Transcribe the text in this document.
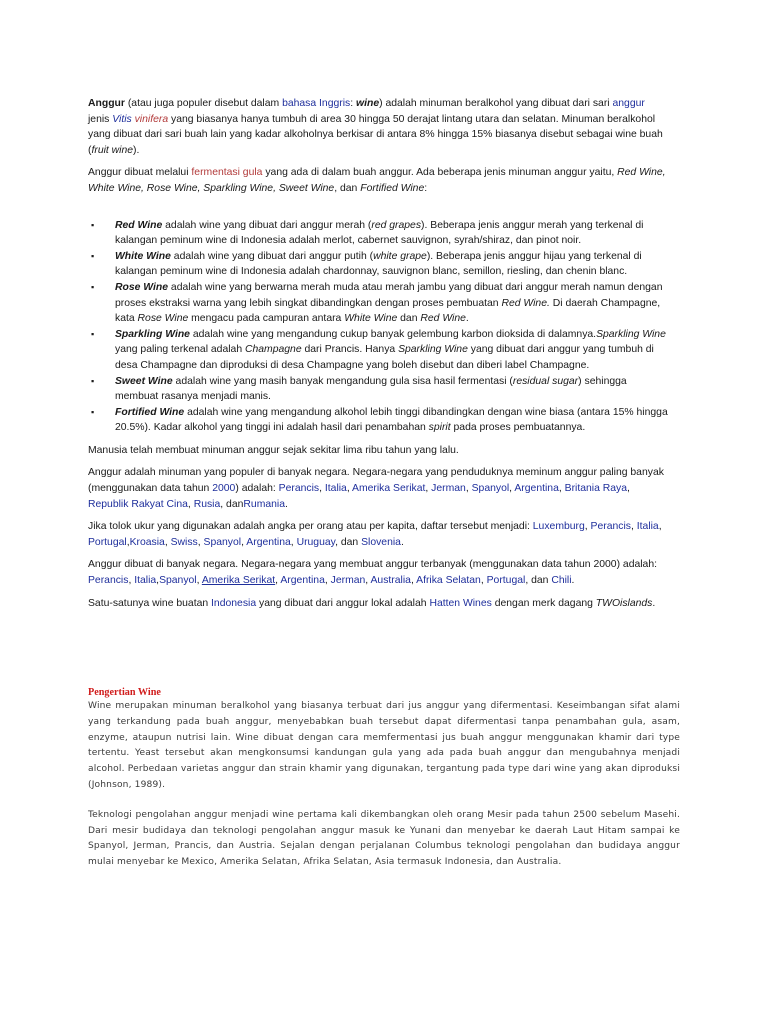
Anggur (atau juga populer disebut dalam bahasa Inggris: wine) adalah minuman beralkohol yang dibuat dari sari anggur jenis Vitis vinifera yang biasanya hanya tumbuh di area 30 hingga 50 derajat lintang utara dan selatan. Minuman beralkohol yang dibuat dari sari buah lain yang kadar alkoholnya berkisar di antara 8% hingga 15% biasanya disebut sebagai wine buah (fruit wine).

Anggur dibuat melalui fermentasi gula yang ada di dalam buah anggur. Ada beberapa jenis minuman anggur yaitu, Red Wine, White Wine, Rose Wine, Sparkling Wine, Sweet Wine, dan Fortified Wine:

▪ Red Wine adalah wine yang dibuat dari anggur merah (red grapes). Beberapa jenis anggur merah yang terkenal di kalangan peminum wine di Indonesia adalah merlot, cabernet sauvignon, syrah/shiraz, dan pinot noir.
▪ White Wine adalah wine yang dibuat dari anggur putih (white grape). Beberapa jenis anggur hijau yang terkenal di kalangan peminum wine di Indonesia adalah chardonnay, sauvignon blanc, semillon, riesling, dan chenin blanc.
▪ Rose Wine adalah wine yang berwarna merah muda atau merah jambu yang dibuat dari anggur merah namun dengan proses ekstraksi warna yang lebih singkat dibandingkan dengan proses pembuatan Red Wine. Di daerah Champagne, kata Rose Wine mengacu pada campuran antara White Wine dan Red Wine.
▪ Sparkling Wine adalah wine yang mengandung cukup banyak gelembung karbon dioksida di dalamnya.Sparkling Wine yang paling terkenal adalah Champagne dari Prancis. Hanya Sparkling Wine yang dibuat dari anggur yang tumbuh di desa Champagne dan diproduksi di desa Champagne yang boleh disebut dan diberi label Champagne.
▪ Sweet Wine adalah wine yang masih banyak mengandung gula sisa hasil fermentasi (residual sugar) sehingga membuat rasanya menjadi manis.
▪ Fortified Wine adalah wine yang mengandung alkohol lebih tinggi dibandingkan dengan wine biasa (antara 15% hingga 20.5%). Kadar alkohol yang tinggi ini adalah hasil dari penambahan spirit pada proses pembuatannya.

Manusia telah membuat minuman anggur sejak sekitar lima ribu tahun yang lalu.

Anggur adalah minuman yang populer di banyak negara. Negara-negara yang penduduknya meminum anggur paling banyak (menggunakan data tahun 2000) adalah: Perancis, Italia, Amerika Serikat, Jerman, Spanyol, Argentina, Britania Raya, Republik Rakyat Cina, Rusia, danRumania.

Jika tolok ukur yang digunakan adalah angka per orang atau per kapita, daftar tersebut menjadi: Luxemburg, Perancis, Italia, Portugal,Kroasia, Swiss, Spanyol, Argentina, Uruguay, dan Slovenia.

Anggur dibuat di banyak negara. Negara-negara yang membuat anggur terbanyak (menggunakan data tahun 2000) adalah: Perancis, Italia,Spanyol, Amerika Serikat, Argentina, Jerman, Australia, Afrika Selatan, Portugal, dan Chili.

Satu-satunya wine buatan Indonesia yang dibuat dari anggur lokal adalah Hatten Wines dengan merk dagang TWOislands.

Pengertian Wine

Wine merupakan minuman beralkohol yang biasanya terbuat dari jus anggur yang difermentasi. Keseimbangan sifat alami yang terkandung pada buah anggur, menyebabkan buah tersebut dapat difermentasi tanpa penambahan gula, asam, enzyme, ataupun nutrisi lain. Wine dibuat dengan cara memfermentasi jus buah anggur menggunakan khamir dari type tertentu. Yeast tersebut akan mengkonsumsi kandungan gula yang ada pada buah anggur dan mengubahnya menjadi alcohol. Perbedaan varietas anggur dan strain khamir yang digunakan, tergantung pada type dari wine yang akan diproduksi (Johnson, 1989).

Teknologi pengolahan anggur menjadi wine pertama kali dikembangkan oleh orang Mesir pada tahun 2500 sebelum Masehi. Dari mesir budidaya dan teknologi pengolahan anggur masuk ke Yunani dan menyebar ke daerah Laut Hitam sampai ke Spanyol, Jerman, Prancis, dan Austria. Sejalan dengan perjalanan Columbus teknologi pengolahan dan budidaya anggur mulai menyebar ke Mexico, Amerika Selatan, Afrika Selatan, Asia termasuk Indonesia, dan Australia.
